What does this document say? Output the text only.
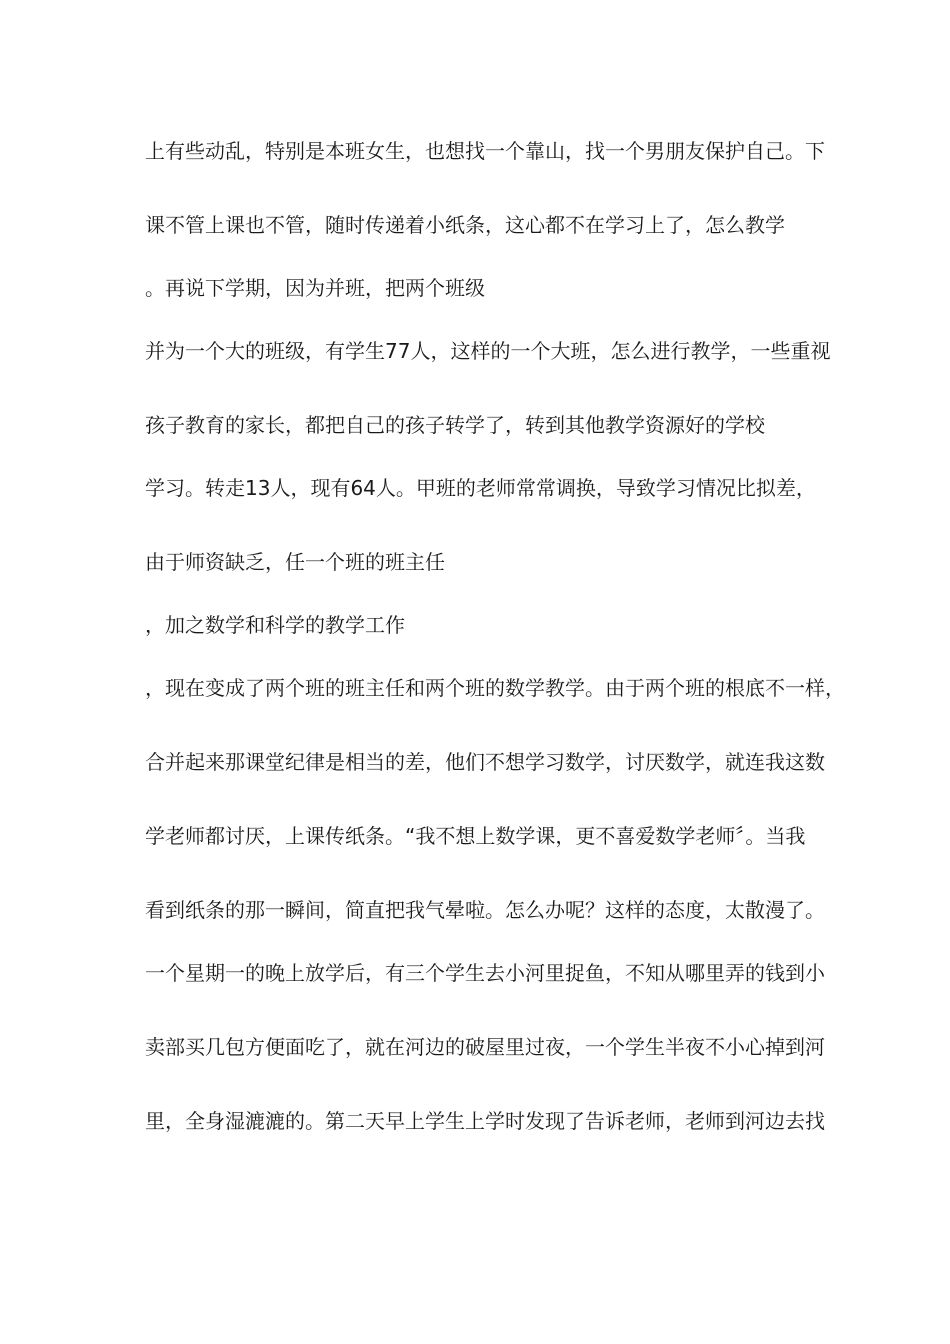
上有些动乱，特别是本班女生，也想找一个靠山，找一个男朋友保护自己。下
课不管上课也不管，随时传递着小纸条，这心都不在学习上了，怎么教学
。再说下学期，因为并班，把两个班级
并为一个大的班级，有学生77人，这样的一个大班，怎么进行教学，一些重视
孩子教育的家长，都把自己的孩子转学了，转到其他教学资源好的学校
学习。转走13人，现有64人。甲班的老师常常调换，导致学习情况比拟差，
由于师资缺乏，任一个班的班主任
，加之数学和科学的教学工作
，现在变成了两个班的班主任和两个班的数学教学。由于两个班的根底不一样，
合并起来那课堂纪律是相当的差，他们不想学习数学，讨厌数学，就连我这数
学老师都讨厌，上课传纸条。“我不想上数学课，更不喜爱数学老师〞。当我
看到纸条的那一瞬间，简直把我气晕啦。怎么办呢？这样的态度，太散漫了。
一个星期一的晚上放学后，有三个学生去小河里捉鱼，不知从哪里弄的钱到小
卖部买几包方便面吃了，就在河边的破屋里过夜，一个学生半夜不小心掉到河
里，全身湿漉漉的。第二天早上学生上学时发现了告诉老师，老师到河边去找
